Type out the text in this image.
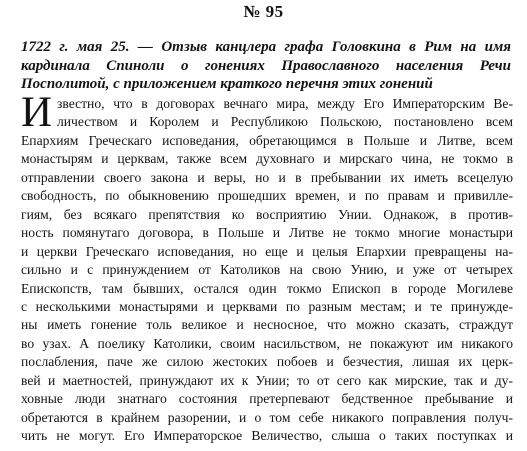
№ 95
1722 г. мая 25. — Отзыв канцлера графа Головкина в Рим на имя
кардинала Спиноли о гонениях Православного населения Речи
Посполитой, с приложением краткого перечня этих гонений
И звестно, что в договорах вечнаго мира, между Его Императорским Ве-
личеством и Королем и Республикою Польскою, постановлено всем
Епархиям Греческаго исповедания, обретающимся в Польше и Литве, всем
монастырям и церквам, также всем духовнаго и мирскаго чина, не токмо в
отправлении своего закона и веры, но и в пребывании их иметь всецелую
свободность, по обыкновению прошедших времен, и по правам и привилле-
гиям, без всякаго препятствия ко восприятию Унии. Однакож, в против-
ность помянутаго договора, в Польше и Литве не токмо многие монастыри
и церкви Греческаго исповедания, но еще и целыя Епархии превращены на-
сильно и с принуждением от Католиков на свою Унию, и уже от четырех
Епископств, там бывших, остался один токмо Епископ в городе Могилеве
с несколькими монастырями и церквами по разным местам; и те принужде-
ны иметь гонение толь великое и несносное, что можно сказать, страждут
во узах. А поелику Католики, своим насильством, не покажуют им никакого
послабления, паче же силою жестоких побоев и безчестия, лишая их церк-
вей и маетностей, принуждают их к Унии; то от сего как мирские, так и ду-
ховные люди знатнаго состояния претерпевают бедственное пребывание и
обретаются в крайнем разорении, и о том себе никакого поправления получ-
чить не могут. Его Императорское Величество, слыша о таких поступках и
